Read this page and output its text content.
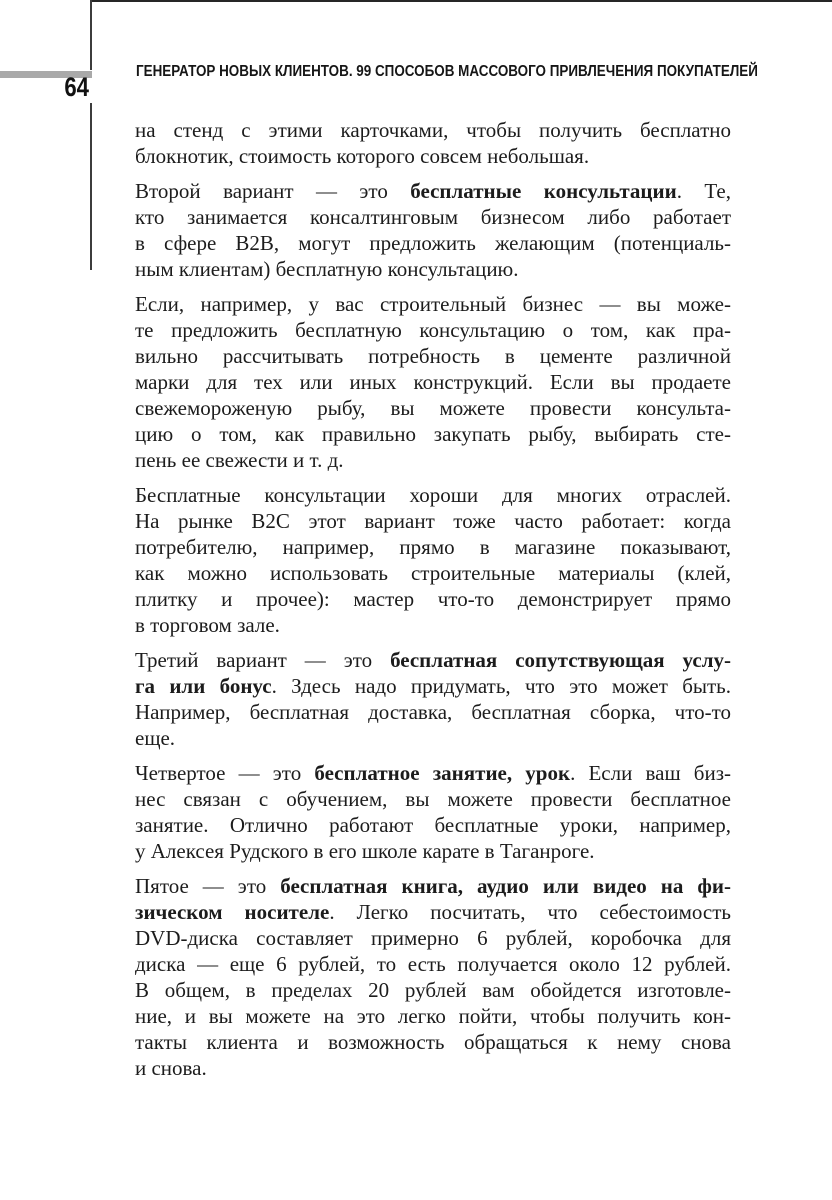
64
ГЕНЕРАТОР НОВЫХ КЛИЕНТОВ. 99 СПОСОБОВ МАССОВОГО ПРИВЛЕЧЕНИЯ ПОКУПАТЕЛЕЙ
на стенд с этими карточками, чтобы получить бесплатно
блокнотик, стоимость которого совсем небольшая.
Второй вариант — это бесплатные консультации. Те,
кто занимается консалтинговым бизнесом либо работает
в сфере B2B, могут предложить желающим (потенциаль-
ным клиентам) бесплатную консультацию.
Если, например, у вас строительный бизнес — вы може-
те предложить бесплатную консультацию о том, как пра-
вильно рассчитывать потребность в цементе различной
марки для тех или иных конструкций. Если вы продаете
свежемороженую рыбу, вы можете провести консульта-
цию о том, как правильно закупать рыбу, выбирать сте-
пень ее свежести и т. д.
Бесплатные консультации хороши для многих отраслей.
На рынке B2C этот вариант тоже часто работает: когда
потребителю, например, прямо в магазине показывают,
как можно использовать строительные материалы (клей,
плитку и прочее): мастер что-то демонстрирует прямо
в торговом зале.
Третий вариант — это бесплатная сопутствующая услу-
га или бонус. Здесь надо придумать, что это может быть.
Например, бесплатная доставка, бесплатная сборка, что-то
еще.
Четвертое — это бесплатное занятие, урок. Если ваш биз-
нес связан с обучением, вы можете провести бесплатное
занятие. Отлично работают бесплатные уроки, например,
у Алексея Рудского в его школе карате в Таганроге.
Пятое — это бесплатная книга, аудио или видео на фи-
зическом носителе. Легко посчитать, что себестоимость
DVD-диска составляет примерно 6 рублей, коробочка для
диска — еще 6 рублей, то есть получается около 12 рублей.
В общем, в пределах 20 рублей вам обойдется изготовле-
ние, и вы можете на это легко пойти, чтобы получить кон-
такты клиента и возможность обращаться к нему снова
и снова.
